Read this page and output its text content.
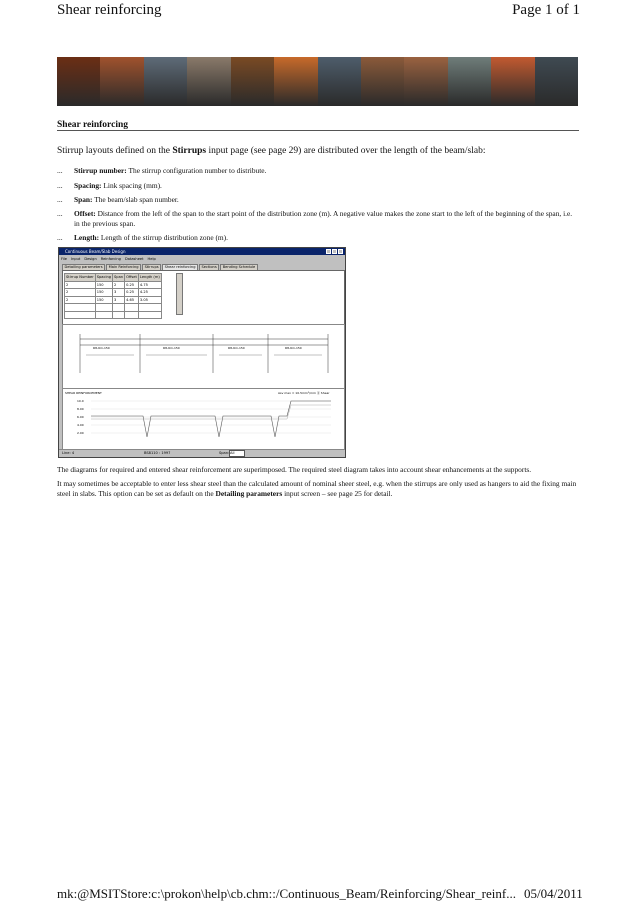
Shear reinforcing	Page 1 of 1
Shear reinforcing
Stirrup layouts defined on the Stirrups input page (see page 29) are distributed over the length of the beam/slab:
... Stirrup number: The stirrup configuration number to distribute.
... Spacing: Link spacing (mm).
... Span: The beam/slab span number.
... Offset: Distance from the left of the span to the start point of the distribution zone (m). A negative value makes the zone start to the left of the beginning of the span, i.e. in the previous span.
... Length: Length of the stirrup distribution zone (m).
Continuous Beam/Slab Design
File Input Design Reinforcing Datasheet Help
Detailing parameters	Main Reinforcing	Stirrups	Shear reinforcing	Sections	Bending Schedule
Stirrup Number	Spacing	Span	Offset	Length (m)
2	150	2	0.25	4.75
2	150	3	0.25	4.25
2	150	3	4.65	3.05

R8-6m-150	R8-6m-150	R8-6m-150	R8-6m-150
SHEAR REINFORCEMENT	Asv max = 10.5mm²/mm Ⓢ Shear
10.0
8.00
6.00
4.00
2.00
Line: 4	BS8110 : 1997	Span: All
The diagrams for required and entered shear reinforcement are superimposed. The required steel diagram takes into account shear enhancements at the supports.
It may sometimes be acceptable to enter less shear steel than the calculated amount of nominal sheer steel, e.g. when the stirrups are only used as hangers to aid the fixing main steel in slabs. This option can be set as default on the Detailing parameters input screen – see page 25 for detail.
mk:@MSITStore:c:\prokon\help\cb.chm::/Continuous_Beam/Reinforcing/Shear_reinf... 05/04/2011
